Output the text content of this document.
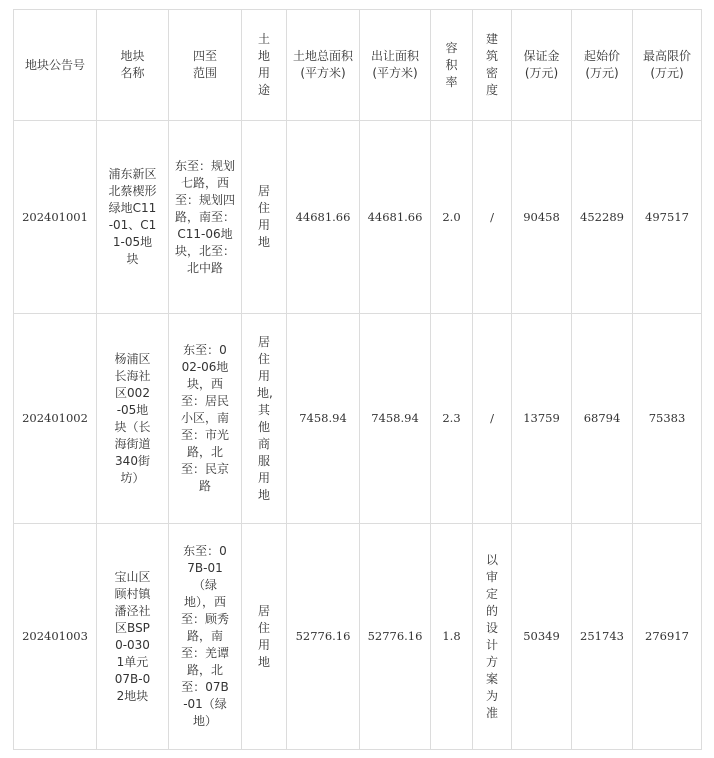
地块公告号	地块名称	四至范围	土地用途	土地总面积(平方米)	出让面积(平方米)	容积率	建筑密度	保证金(万元)	起始价(万元)	最高限价(万元)

202401001	浦东新区北蔡楔形绿地C11-01、C11-05地块	东至：规划七路，西至：规划四路，南至：C11-06地块，北至：北中路	居住用地	44681.66	44681.66	2.0	/	90458	452289	497517
202401002	杨浦区长海社区002-05地块（长海街道340街坊）	东至：002-06地块，西至：居民小区，南至：市光路，北至：民京路	居住用地,其他商服用地	7458.94	7458.94	2.3	/	13759	68794	75383
202401003	宝山区顾村镇潘泾社区BSP0-0301单元07B-02地块	东至：07B-01（绿地），西至：顾秀路，南至：羌谭路，北至：07B-01（绿地）	居住用地	52776.16	52776.16	1.8	以审定的设计方案为准	50349	251743	276917
